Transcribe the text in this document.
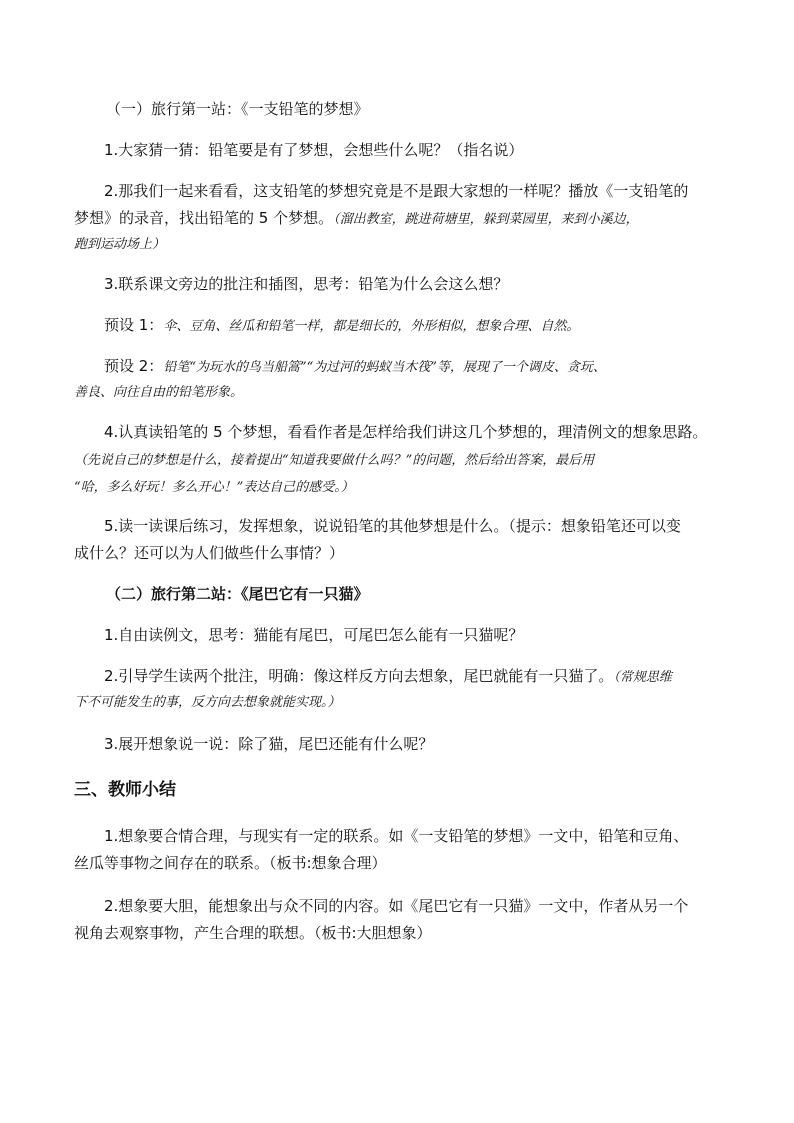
（一）旅行第一站：《一支铅笔的梦想》
1.大家猜一猜：铅笔要是有了梦想，会想些什么呢？（指名说）
2.那我们一起来看看，这支铅笔的梦想究竟是不是跟大家想的一样呢？播放《一支铅笔的
梦想》的录音，找出铅笔的 5 个梦想。（溜出教室，跳进荷塘里，躲到菜园里，来到小溪边，
跑到运动场上）
3.联系课文旁边的批注和插图，思考：铅笔为什么会这么想？
预设 1：伞、豆角、丝瓜和铅笔一样，都是细长的，外形相似，想象合理、自然。
预设 2：铅笔“为玩水的鸟当船篙”“为过河的蚂蚁当木筏”等，展现了一个调皮、贪玩、
善良、向往自由的铅笔形象。
4.认真读铅笔的 5 个梦想，看看作者是怎样给我们讲这几个梦想的，理清例文的想象思路。
（先说自己的梦想是什么，接着提出“知道我要做什么吗？”的问题，然后给出答案，最后用
“哈，多么好玩！多么开心！”表达自己的感受。）
5.读一读课后练习，发挥想象，说说铅笔的其他梦想是什么。（提示：想象铅笔还可以变
成什么？还可以为人们做些什么事情？）
（二）旅行第二站：《尾巴它有一只猫》
1.自由读例文，思考：猫能有尾巴，可尾巴怎么能有一只猫呢？
2.引导学生读两个批注，明确：像这样反方向去想象，尾巴就能有一只猫了。（常规思维
下不可能发生的事，反方向去想象就能实现。）
3.展开想象说一说：除了猫，尾巴还能有什么呢？
三、教师小结
1.想象要合情合理，与现实有一定的联系。如《一支铅笔的梦想》一文中，铅笔和豆角、
丝瓜等事物之间存在的联系。（板书:想象合理）
2.想象要大胆，能想象出与众不同的内容。如《尾巴它有一只猫》一文中，作者从另一个
视角去观察事物，产生合理的联想。（板书:大胆想象）
